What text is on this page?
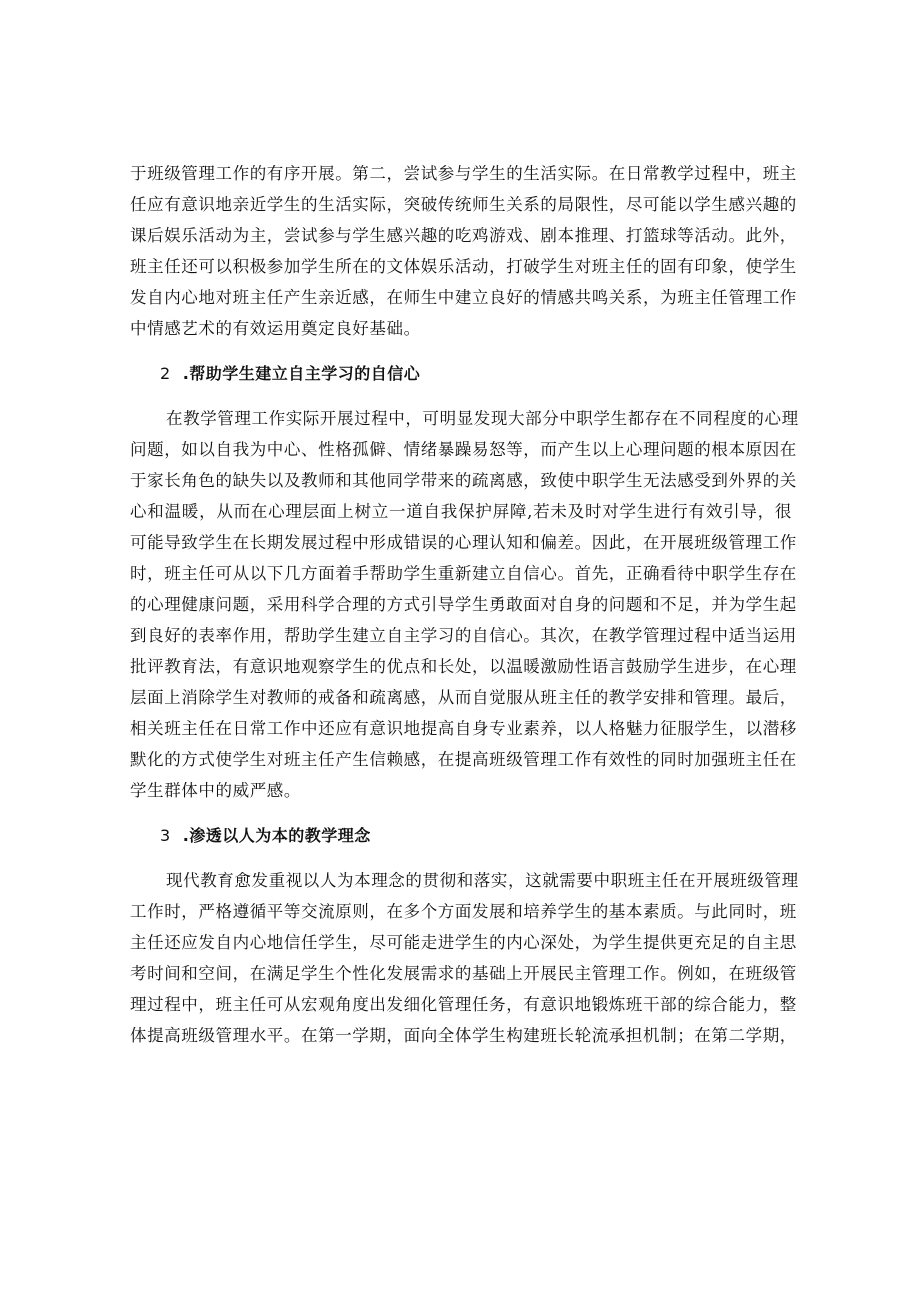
于班级管理工作的有序开展。第二，尝试参与学生的生活实际。在日常教学过程中，班主
任应有意识地亲近学生的生活实际，突破传统师生关系的局限性，尽可能以学生感兴趣的
课后娱乐活动为主，尝试参与学生感兴趣的吃鸡游戏、剧本推理、打篮球等活动。此外，
班主任还可以积极参加学生所在的文体娱乐活动，打破学生对班主任的固有印象，使学生
发自内心地对班主任产生亲近感，在师生中建立良好的情感共鸣关系，为班主任管理工作
中情感艺术的有效运用奠定良好基础。
2 .帮助学生建立自主学习的自信心
在教学管理工作实际开展过程中，可明显发现大部分中职学生都存在不同程度的心理
问题，如以自我为中心、性格孤僻、情绪暴躁易怒等，而产生以上心理问题的根本原因在
于家长角色的缺失以及教师和其他同学带来的疏离感，致使中职学生无法感受到外界的关
心和温暖，从而在心理层面上树立一道自我保护屏障,若未及时对学生进行有效引导，很
可能导致学生在长期发展过程中形成错误的心理认知和偏差。因此，在开展班级管理工作
时，班主任可从以下几方面着手帮助学生重新建立自信心。首先，正确看待中职学生存在
的心理健康问题，采用科学合理的方式引导学生勇敢面对自身的问题和不足，并为学生起
到良好的表率作用，帮助学生建立自主学习的自信心。其次，在教学管理过程中适当运用
批评教育法，有意识地观察学生的优点和长处，以温暖激励性语言鼓励学生进步，在心理
层面上消除学生对教师的戒备和疏离感，从而自觉服从班主任的教学安排和管理。最后，
相关班主任在日常工作中还应有意识地提高自身专业素养，以人格魅力征服学生，以潜移
默化的方式使学生对班主任产生信赖感，在提高班级管理工作有效性的同时加强班主任在
学生群体中的威严感。
3 .渗透以人为本的教学理念
现代教育愈发重视以人为本理念的贯彻和落实，这就需要中职班主任在开展班级管理
工作时，严格遵循平等交流原则，在多个方面发展和培养学生的基本素质。与此同时，班
主任还应发自内心地信任学生，尽可能走进学生的内心深处，为学生提供更充足的自主思
考时间和空间，在满足学生个性化发展需求的基础上开展民主管理工作。例如，在班级管
理过程中，班主任可从宏观角度出发细化管理任务，有意识地锻炼班干部的综合能力，整
体提高班级管理水平。在第一学期，面向全体学生构建班长轮流承担机制；在第二学期，
